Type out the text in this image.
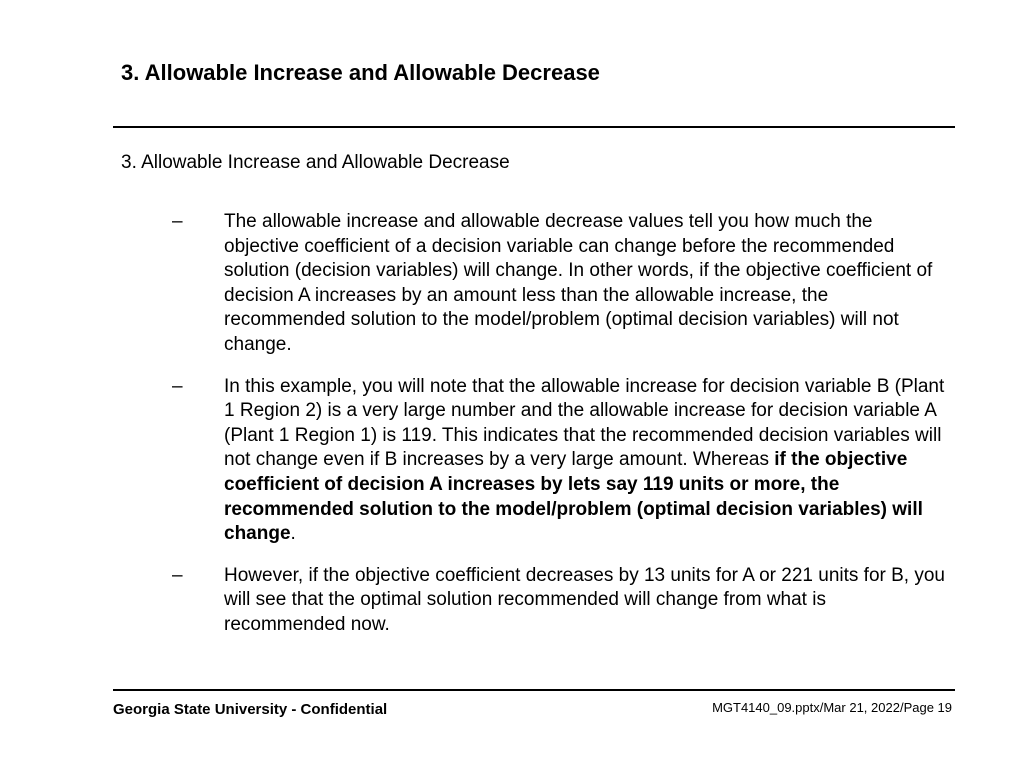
3. Allowable Increase and Allowable Decrease
3. Allowable Increase and Allowable Decrease
– The allowable increase and allowable decrease values tell you how much the objective coefficient of a decision variable can change before the recommended solution (decision variables) will change. In other words, if the objective coefficient of decision A increases by an amount less than the allowable increase, the recommended solution to the model/problem (optimal decision variables) will not change.
– In this example, you will note that the allowable increase for decision variable B (Plant 1 Region 2) is a very large number and the allowable increase for decision variable A (Plant 1 Region 1) is 119. This indicates that the recommended decision variables will not change even if B increases by a very large amount. Whereas if the objective coefficient of decision A increases by lets say 119 units or more, the recommended solution to the model/problem (optimal decision variables) will change.
– However, if the objective coefficient decreases by 13 units for A or 221 units for B, you will see that the optimal solution recommended will change from what is recommended now.
Georgia State University - Confidential	MGT4140_09.pptx/Mar 21, 2022/Page 19
